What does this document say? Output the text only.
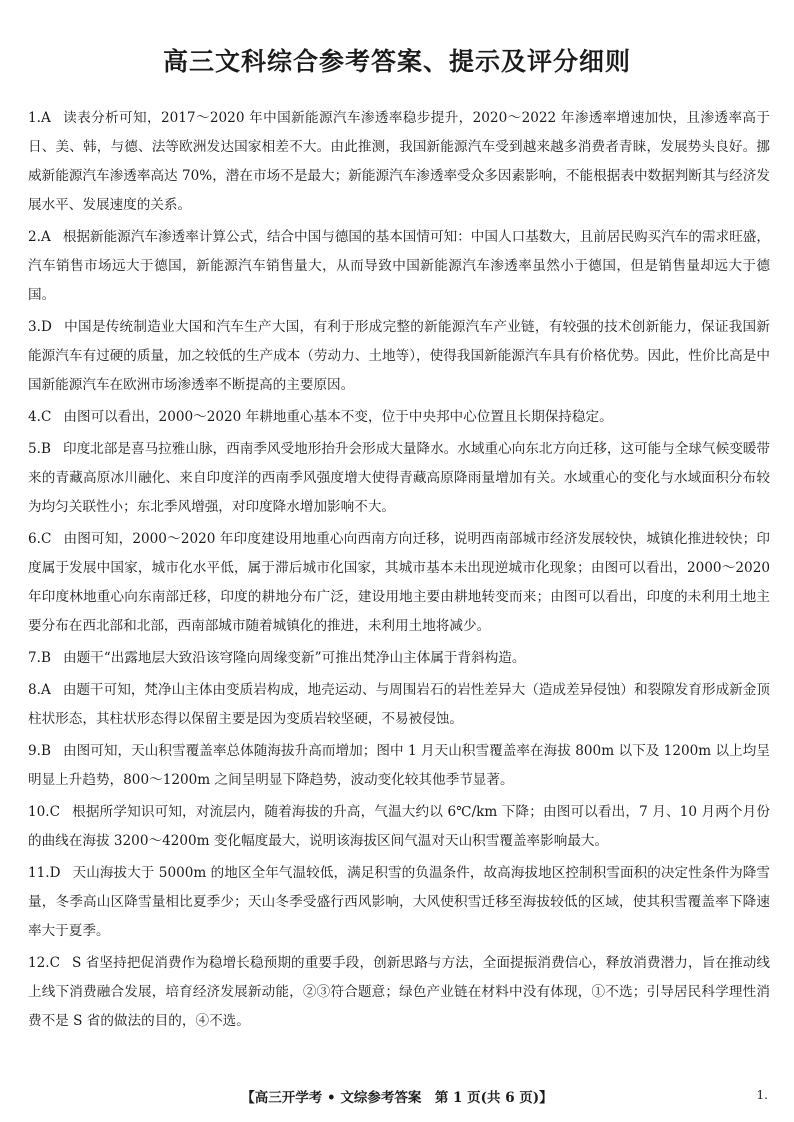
高三文科综合参考答案、提示及评分细则
1.A 读表分析可知，2017～2020 年中国新能源汽车渗透率稳步提升，2020～2022 年渗透率增速加快，且渗透率高于日、美、韩，与德、法等欧洲发达国家相差不大。由此推测，我国新能源汽车受到越来越多消费者青睐，发展势头良好。挪威新能源汽车渗透率高达 70%，潜在市场不是最大；新能源汽车渗透率受众多因素影响，不能根据表中数据判断其与经济发展水平、发展速度的关系。
2.A 根据新能源汽车渗透率计算公式，结合中国与德国的基本国情可知：中国人口基数大，且前居民购买汽车的需求旺盛，汽车销售市场远大于德国，新能源汽车销售量大，从而导致中国新能源汽车渗透率虽然小于德国，但是销售量却远大于德国。
3.D 中国是传统制造业大国和汽车生产大国，有利于形成完整的新能源汽车产业链，有较强的技术创新能力，保证我国新能源汽车有过硬的质量，加之较低的生产成本（劳动力、土地等），使得我国新能源汽车具有价格优势。因此，性价比高是中国新能源汽车在欧洲市场渗透率不断提高的主要原因。
4.C 由图可以看出，2000～2020 年耕地重心基本不变，位于中央邦中心位置且长期保持稳定。
5.B 印度北部是喜马拉雅山脉，西南季风受地形抬升会形成大量降水。水域重心向东北方向迁移，这可能与全球气候变暖带来的青藏高原冰川融化、来自印度洋的西南季风强度增大使得青藏高原降雨量增加有关。水域重心的变化与水域面积分布较为均匀关联性小；东北季风增强，对印度降水增加影响不大。
6.C 由图可知，2000～2020 年印度建设用地重心向西南方向迁移，说明西南部城市经济发展较快，城镇化推进较快；印度属于发展中国家，城市化水平低，属于滞后城市化国家，其城市基本未出现逆城市化现象；由图可以看出，2000～2020 年印度林地重心向东南部迁移，印度的耕地分布广泛，建设用地主要由耕地转变而来；由图可以看出，印度的未利用土地主要分布在西北部和北部，西南部城市随着城镇化的推进，未利用土地将减少。
7.B 由题干“出露地层大致沿该穹隆向周缘变新”可推出梵净山主体属于背斜构造。
8.A 由题干可知，梵净山主体由变质岩构成，地壳运动、与周围岩石的岩性差异大（造成差异侵蚀）和裂隙发育形成新金顶柱状形态，其柱状形态得以保留主要是因为变质岩较坚硬，不易被侵蚀。
9.B 由图可知，天山积雪覆盖率总体随海拔升高而增加；图中 1 月天山积雪覆盖率在海拔 800m 以下及 1200m 以上均呈明显上升趋势，800～1200m 之间呈明显下降趋势，波动变化较其他季节显著。
10.C 根据所学知识可知，对流层内，随着海拔的升高，气温大约以 6℃/km 下降；由图可以看出，7 月、10 月两个月份的曲线在海拔 3200～4200m 变化幅度最大，说明该海拔区间气温对天山积雪覆盖率影响最大。
11.D 天山海拔大于 5000m 的地区全年气温较低，满足积雪的负温条件，故高海拔地区控制积雪面积的决定性条件为降雪量，冬季高山区降雪量相比夏季少；天山冬季受盛行西风影响，大风使积雪迁移至海拔较低的区域，使其积雪覆盖率下降速率大于夏季。
12.C S 省坚持把促消费作为稳增长稳预期的重要手段，创新思路与方法，全面提振消费信心，释放消费潜力，旨在推动线上线下消费融合发展，培育经济发展新动能，②③符合题意；绿色产业链在材料中没有体现，①不选；引导居民科学理性消费不是 S 省的做法的目的，④不选。
【高三开学考 • 文综参考答案　第 1 页(共 6 页)】	1.
